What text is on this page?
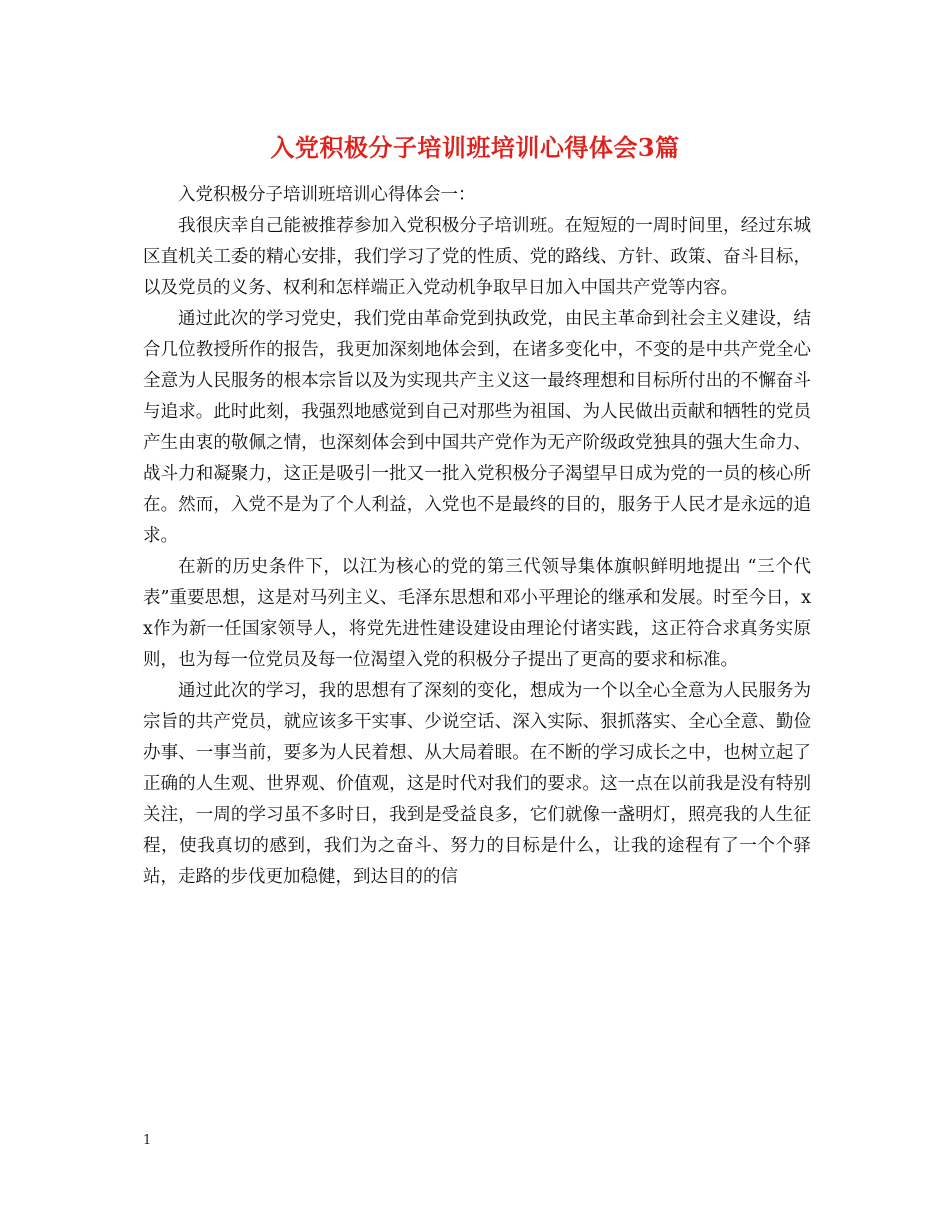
入党积极分子培训班培训心得体会3篇

入党积极分子培训班培训心得体会一：

我很庆幸自己能被推荐参加入党积极分子培训班。在短短的一周时间里，经过东城区直机关工委的精心安排，我们学习了党的性质、党的路线、方针、政策、奋斗目标，以及党员的义务、权利和怎样端正入党动机争取早日加入中国共产党等内容。

通过此次的学习党史，我们党由革命党到执政党，由民主革命到社会主义建设，结合几位教授所作的报告，我更加深刻地体会到，在诸多变化中，不变的是中共产党全心全意为人民服务的根本宗旨以及为实现共产主义这一最终理想和目标所付出的不懈奋斗与追求。此时此刻，我强烈地感觉到自己对那些为祖国、为人民做出贡献和牺牲的党员产生由衷的敬佩之情，也深刻体会到中国共产党作为无产阶级政党独具的强大生命力、战斗力和凝聚力，这正是吸引一批又一批入党积极分子渴望早日成为党的一员的核心所在。然而，入党不是为了个人利益，入党也不是最终的目的，服务于人民才是永远的追求。

在新的历史条件下，以江为核心的党的第三代领导集体旗帜鲜明地提出 “三个代表”重要思想，这是对马列主义、毛泽东思想和邓小平理论的继承和发展。时至今日，xx作为新一任国家领导人，将党先进性建设建设由理论付诸实践，这正符合求真务实原则，也为每一位党员及每一位渴望入党的积极分子提出了更高的要求和标准。

通过此次的学习，我的思想有了深刻的变化，想成为一个以全心全意为人民服务为宗旨的共产党员，就应该多干实事、少说空话、深入实际、狠抓落实、全心全意、勤俭办事、一事当前，要多为人民着想、从大局着眼。在不断的学习成长之中，也树立起了正确的人生观、世界观、价值观，这是时代对我们的要求。这一点在以前我是没有特别关注，一周的学习虽不多时日，我到是受益良多，它们就像一盏明灯，照亮我的人生征程，使我真切的感到，我们为之奋斗、努力的目标是什么，让我的途程有了一个个驿站，走路的步伐更加稳健，到达目的的信

1
